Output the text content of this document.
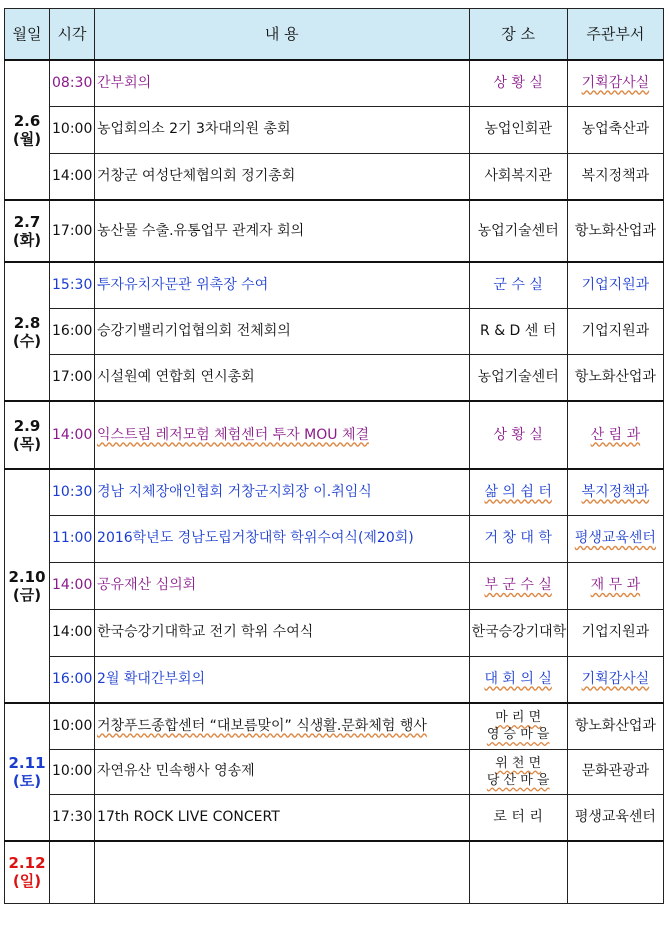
월일	시각	내 용	장 소	주관부서

2.6
(월)	08:30	간부회의	상 황 실	기획감사실
	10:00	농업회의소 2기 3차대의원 총회	농업인회관	농업축산과
	14:00	거창군 여성단체협의회 정기총회	사회복지관	복지정책과

2.7
(화)	17:00	농산물 수출.유통업무 관계자 회의	농업기술센터	항노화산업과

2.8
(수)	15:30	투자유치자문관 위촉장 수여	군 수 실	기업지원과
	16:00	승강기밸리기업협의회 전체회의	R & D 센 터	기업지원과
	17:00	시설원예 연합회 연시총회	농업기술센터	항노화산업과

2.9
(목)	14:00	익스트림 레저모험 체험센터 투자 MOU 체결	상 황 실	산 림 과

2.10
(금)	10:30	경남 지체장애인협회 거창군지회장 이.취임식	삶 의 쉼 터	복지정책과
	11:00	2016학년도 경남도립거창대학 학위수여식(제20회)	거 창 대 학	평생교육센터
	14:00	공유재산 심의회	부 군 수 실	재 무 과
	14:00	한국승강기대학교 전기 학위 수여식	한국승강기대학	기업지원과
	16:00	2월 확대간부회의	대 회 의 실	기획감사실

2.11
(토)	10:00	거창푸드종합센터 “대보름맞이” 식생활.문화체험 행사	마 리 면
영 승 마 을	항노화산업과
	10:00	자연유산 민속행사 영송제	위 천 면
당 산 마 을	문화관광과
	17:30	17th ROCK LIVE CONCERT	로 터 리	평생교육센터

2.12
(일)				
